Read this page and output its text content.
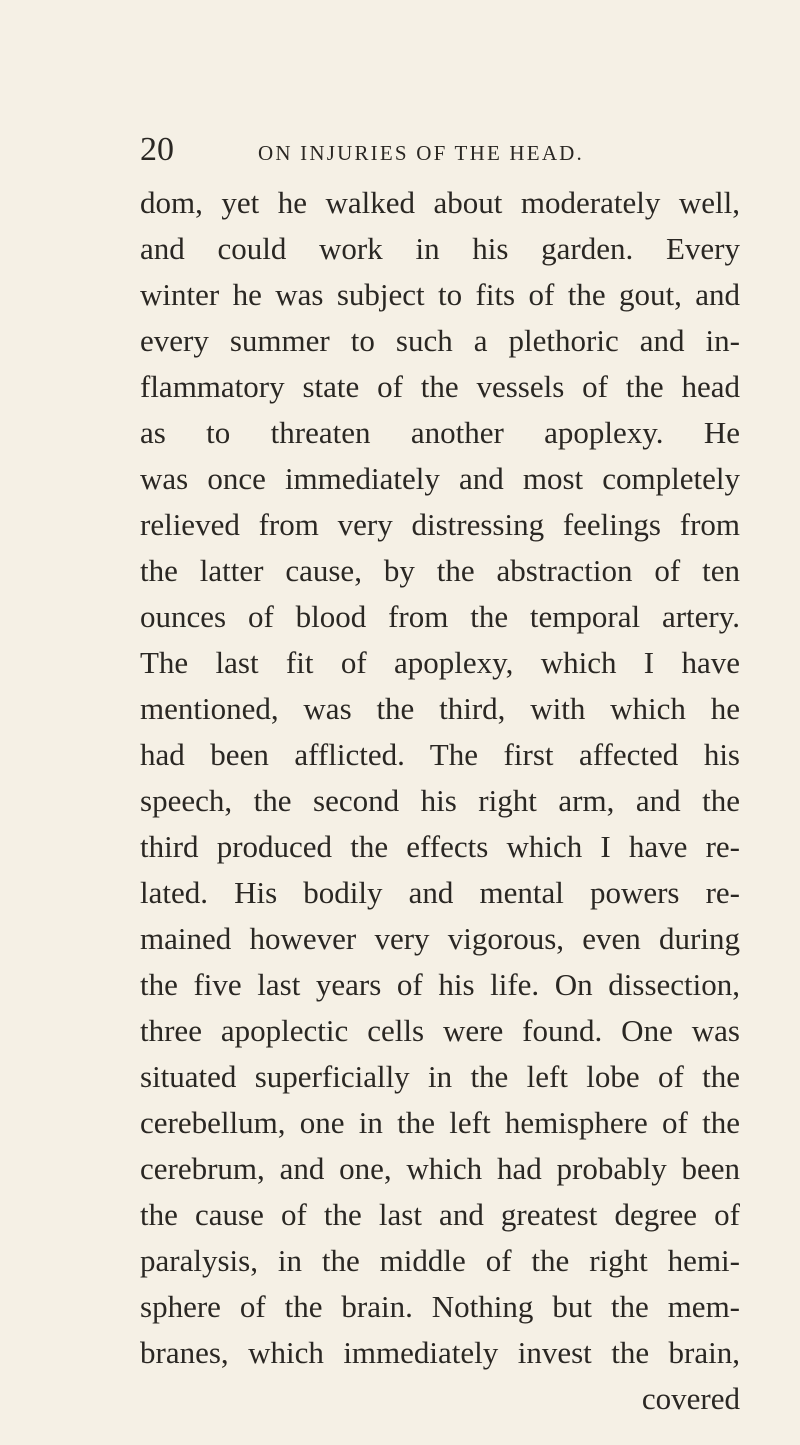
20	ON INJURIES OF THE HEAD.
dom, yet he walked about moderately well,
and could work in his garden. Every
winter he was subject to fits of the gout, and
every summer to such a plethoric and in-
flammatory state of the vessels of the head
as to threaten another apoplexy. He
was once immediately and most completely
relieved from very distressing feelings from
the latter cause, by the abstraction of ten
ounces of blood from the temporal artery.
The last fit of apoplexy, which I have
mentioned, was the third, with which he
had been afflicted. The first affected his
speech, the second his right arm, and the
third produced the effects which I have re-
lated. His bodily and mental powers re-
mained however very vigorous, even during
the five last years of his life. On dissection,
three apoplectic cells were found. One was
situated superficially in the left lobe of the
cerebellum, one in the left hemisphere of the
cerebrum, and one, which had probably been
the cause of the last and greatest degree of
paralysis, in the middle of the right hemi-
sphere of the brain. Nothing but the mem-
branes, which immediately invest the brain,
covered
